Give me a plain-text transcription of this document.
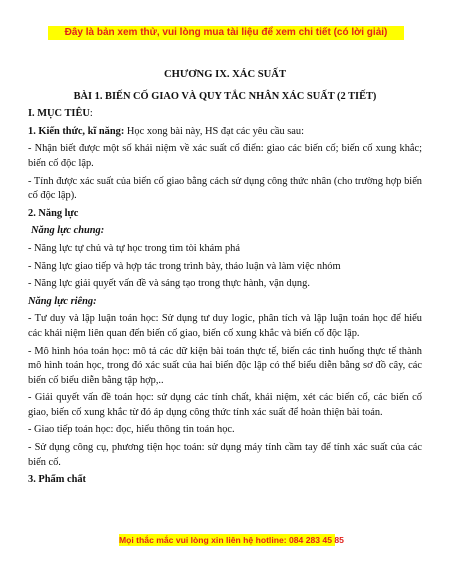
Đây là bản xem thử, vui lòng mua tài liệu để xem chi tiết (có lời giải)
CHƯƠNG IX. XÁC SUẤT
BÀI 1. BIẾN CỐ GIAO VÀ QUY TẮC NHÂN XÁC SUẤT (2 TIẾT)
I. MỤC TIÊU:
1. Kiến thức, kĩ năng: Học xong bài này, HS đạt các yêu cầu sau:
- Nhận biết được một số khái niệm về xác suất cổ điển: giao các biến cố; biến cố xung khắc; biến cố độc lập.
- Tính được xác suất của biến cố giao bằng cách sử dụng công thức nhân (cho trường hợp biến cố độc lập).
2. Năng lực
Năng lực chung:
- Năng lực tự chủ và tự học trong tìm tòi khám phá
- Năng lực giao tiếp và hợp tác trong trình bày, thảo luận và làm việc nhóm
- Năng lực giải quyết vấn đề và sáng tạo trong thực hành, vận dụng.
Năng lực riêng:
- Tư duy và lập luận toán học: Sử dụng tư duy logic, phân tích và lập luận toán học để hiểu các khái niệm liên quan đến biến cố giao, biến cố xung khắc và biến cố độc lập.
- Mô hình hóa toán học: mô tả các dữ kiện bài toán thực tế, biến các tình huống thực tế thành mô hình toán học, trong đó xác suất của hai biến độc lập có thể biểu diễn bằng sơ đồ cây, các biến cố biểu diễn bằng tập hợp,..
- Giải quyết vấn đề toán học: sử dụng các tính chất, khái niệm, xét các biến cố, các biến cố giao, biến cố xung khắc từ đó áp dụng công thức tính xác suất để hoàn thiện bài toán.
- Giao tiếp toán học: đọc, hiểu thông tin toán học.
- Sử dụng công cụ, phương tiện học toán: sử dụng máy tính cầm tay để tính xác suất của các biến cố.
3. Phẩm chất
Mọi thắc mắc vui lòng xin liên hệ hotline: 084 283 45 85
